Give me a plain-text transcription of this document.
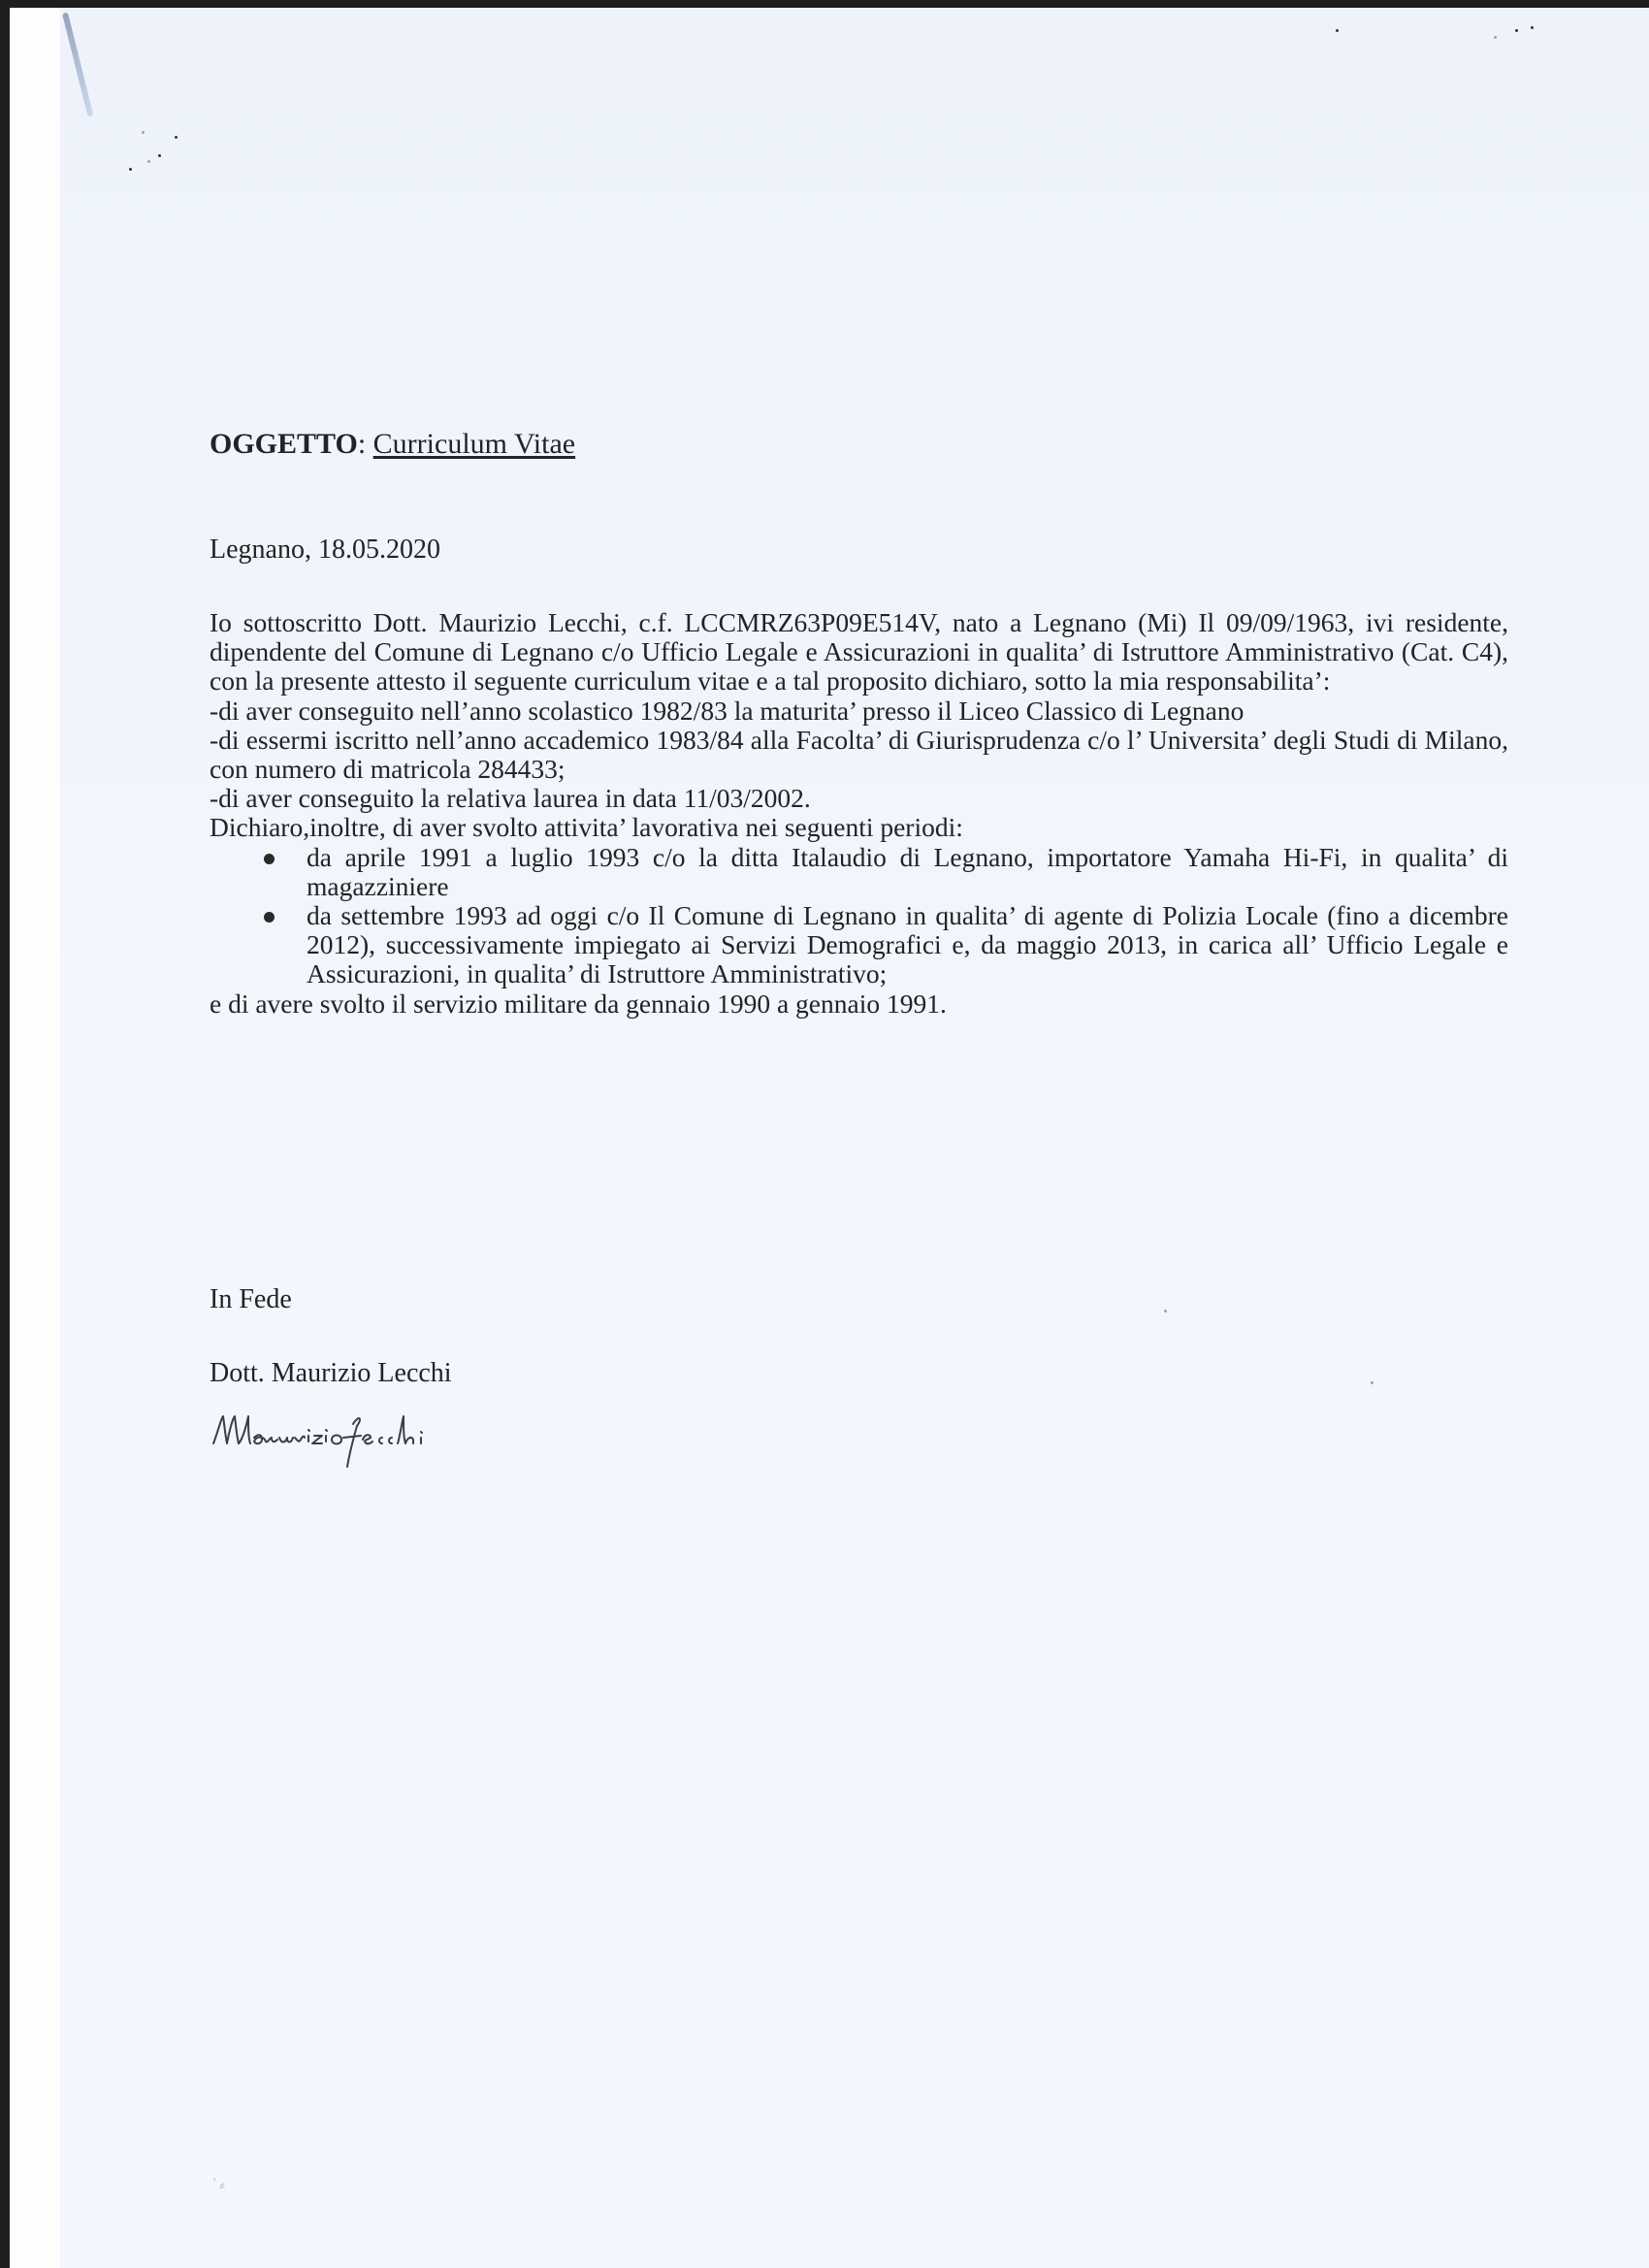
OGGETTO: Curriculum Vitae
Legnano, 18.05.2020

Io sottoscritto Dott. Maurizio Lecchi, c.f. LCCMRZ63P09E514V, nato a Legnano (Mi) Il 09/09/1963, ivi residente, dipendente del Comune di Legnano c/o Ufficio Legale e Assicurazioni in qualita’ di Istruttore Amministrativo (Cat. C4), con la presente attesto il seguente curriculum vitae e a tal proposito dichiaro, sotto la mia responsabilita’:

-di aver conseguito nell’anno scolastico 1982/83 la maturita’ presso il Liceo Classico di Legnano

-di essermi iscritto nell’anno accademico 1983/84 alla Facolta’ di Giurisprudenza c/o l’ Universita’ degli Studi di Milano, con numero di matricola 284433;

-di aver conseguito la relativa laurea in data 11/03/2002.

Dichiaro,inoltre, di aver svolto attivita’ lavorativa nei seguenti periodi:

da aprile 1991 a luglio 1993 c/o la ditta Italaudio di Legnano, importatore Yamaha Hi-Fi, in qualita’ di magazziniere
da settembre 1993 ad oggi c/o Il Comune di Legnano in qualita’ di agente di Polizia Locale (fino a dicembre 2012), successivamente impiegato ai Servizi Demografici e, da maggio 2013, in carica all’ Ufficio Legale e Assicurazioni, in qualita’ di Istruttore Amministrativo;

e di avere svolto il servizio militare da gennaio 1990 a gennaio 1991.

In Fede
Dott. Maurizio Lecchi
ʾ⸗
